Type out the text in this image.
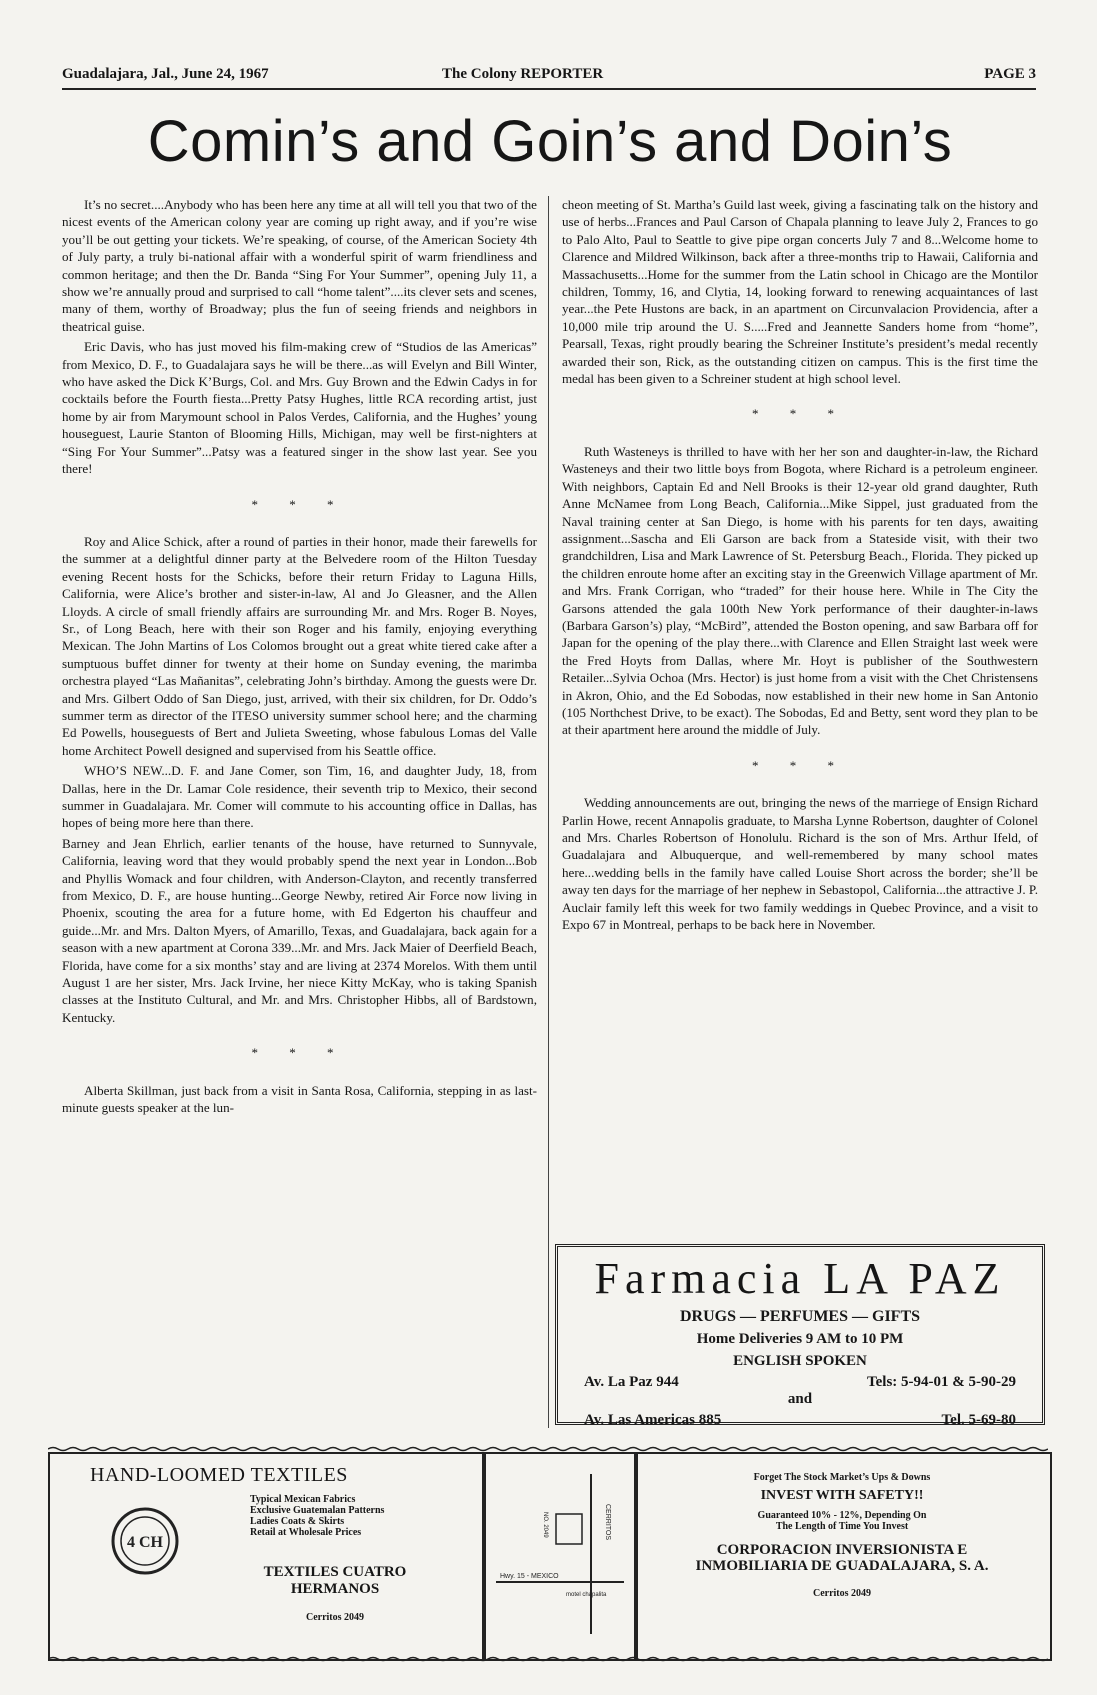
Guadalajara, Jal., June 24, 1967	The Colony REPORTER	PAGE 3
Comin’s and Goin’s and Doin’s

It’s no secret....Anybody who has been here any time at all will tell you that two of the nicest events of the American colony year are coming up right away, and if you’re wise you’ll be out getting your tickets. We’re speaking, of course, of the American Society 4th of July party, a truly bi-national affair with a wonderful spirit of warm friendliness and common heritage; and then the Dr. Banda “Sing For Your Summer”, opening July 11, a show we’re annually proud and surprised to call “home talent”....its clever sets and scenes, many of them, worthy of Broadway; plus the fun of seeing friends and neighbors in theatrical guise.

Eric Davis, who has just moved his film-making crew of “Studios de las Americas” from Mexico, D. F., to Guadalajara says he will be there...as will Evelyn and Bill Winter, who have asked the Dick K’Burgs, Col. and Mrs. Guy Brown and the Edwin Cadys in for cocktails before the Fourth fiesta...Pretty Patsy Hughes, little RCA recording artist, just home by air from Marymount school in Palos Verdes, California, and the Hughes’ young houseguest, Laurie Stanton of Blooming Hills, Michigan, may well be first-nighters at “Sing For Your Summer”...Patsy was a featured singer in the show last year. See you there!

* * *

Roy and Alice Schick, after a round of parties in their honor, made their farewells for the summer at a delightful dinner party at the Belvedere room of the Hilton Tuesday evening Recent hosts for the Schicks, before their return Friday to Laguna Hills, California, were Alice’s brother and sister-in-law, Al and Jo Gleasner, and the Allen Lloyds. A circle of small friendly affairs are surrounding Mr. and Mrs. Roger B. Noyes, Sr., of Long Beach, here with their son Roger and his family, enjoying everything Mexican. The John Martins of Los Colomos brought out a great white tiered cake after a sumptuous buffet dinner for twenty at their home on Sunday evening, the marimba orchestra played “Las Mañanitas”, celebrating John’s birthday. Among the guests were Dr. and Mrs. Gilbert Oddo of San Diego, just, arrived, with their six children, for Dr. Oddo’s summer term as director of the ITESO university summer school here; and the charming Ed Powells, houseguests of Bert and Julieta Sweeting, whose fabulous Lomas del Valle home Architect Powell designed and supervised from his Seattle office.

WHO’S NEW...D. F. and Jane Comer, son Tim, 16, and daughter Judy, 18, from Dallas, here in the Dr. Lamar Cole residence, their seventh trip to Mexico, their second summer in Guadalajara. Mr. Comer will commute to his accounting office in Dallas, has hopes of being more here than there.

Barney and Jean Ehrlich, earlier tenants of the house, have returned to Sunnyvale, California, leaving word that they would probably spend the next year in London...Bob and Phyllis Womack and four children, with Anderson-Clayton, and recently transferred from Mexico, D. F., are house hunting...George Newby, retired Air Force now living in Phoenix, scouting the area for a future home, with Ed Edgerton his chauffeur and guide...Mr. and Mrs. Dalton Myers, of Amarillo, Texas, and Guadalajara, back again for a season with a new apartment at Corona 339...Mr. and Mrs. Jack Maier of Deerfield Beach, Florida, have come for a six months’ stay and are living at 2374 Morelos. With them until August 1 are her sister, Mrs. Jack Irvine, her niece Kitty McKay, who is taking Spanish classes at the Instituto Cultural, and Mr. and Mrs. Christopher Hibbs, all of Bardstown, Kentucky.

* * *

Alberta Skillman, just back from a visit in Santa Rosa, California, stepping in as last-minute guests speaker at the lun-

cheon meeting of St. Martha’s Guild last week, giving a fascinating talk on the history and use of herbs...Frances and Paul Carson of Chapala planning to leave July 2, Frances to go to Palo Alto, Paul to Seattle to give pipe organ concerts July 7 and 8...Welcome home to Clarence and Mildred Wilkinson, back after a three-months trip to Hawaii, California and Massachusetts...Home for the summer from the Latin school in Chicago are the Montilor children, Tommy, 16, and Clytia, 14, looking forward to renewing acquaintances of last year...the Pete Hustons are back, in an apartment on Circunvalacion Providencia, after a 10,000 mile trip around the U. S.....Fred and Jeannette Sanders home from “home”, Pearsall, Texas, right proudly bearing the Schreiner Institute’s president’s medal recently awarded their son, Rick, as the outstanding citizen on campus. This is the first time the medal has been given to a Schreiner student at high school level.

* * *

Ruth Wasteneys is thrilled to have with her her son and daughter-in-law, the Richard Wasteneys and their two little boys from Bogota, where Richard is a petroleum engineer. With neighbors, Captain Ed and Nell Brooks is their 12-year old grand daughter, Ruth Anne McNamee from Long Beach, California...Mike Sippel, just graduated from the Naval training center at San Diego, is home with his parents for ten days, awaiting assignment...Sascha and Eli Garson are back from a Stateside visit, with their two grandchildren, Lisa and Mark Lawrence of St. Petersburg Beach., Florida. They picked up the children enroute home after an exciting stay in the Greenwich Village apartment of Mr. and Mrs. Frank Corrigan, who “traded” for their house here. While in The City the Garsons attended the gala 100th New York performance of their daughter-in-laws (Barbara Garson’s) play, “McBird”, attended the Boston opening, and saw Barbara off for Japan for the opening of the play there...with Clarence and Ellen Straight last week were the Fred Hoyts from Dallas, where Mr. Hoyt is publisher of the Southwestern Retailer...Sylvia Ochoa (Mrs. Hector) is just home from a visit with the Chet Christensens in Akron, Ohio, and the Ed Sobodas, now established in their new home in San Antonio (105 Northchest Drive, to be exact). The Sobodas, Ed and Betty, sent word they plan to be at their apartment here around the middle of July.

* * *

Wedding announcements are out, bringing the news of the marriege of Ensign Richard Parlin Howe, recent Annapolis graduate, to Marsha Lynne Robertson, daughter of Colonel and Mrs. Charles Robertson of Honolulu. Richard is the son of Mrs. Arthur Ifeld, of Guadalajara and Albuquerque, and well-remembered by many school mates here...wedding bells in the family have called Louise Short across the border; she’ll be away ten days for the marriage of her nephew in Sebastopol, California...the attractive J. P. Auclair family left this week for two family weddings in Quebec Province, and a visit to Expo 67 in Montreal, perhaps to be back here in November.

Farmacia LA PAZ
DRUGS — PERFUMES — GIFTS
Home Deliveries 9 AM to 10 PM
ENGLISH SPOKEN
Av. La Paz 944	Tels: 5-94-01 & 5-90-29
and
Av. Las Americas 885	Tel. 5-69-80
HAND-LOOMED TEXTILES
4 CH
Typical Mexican Fabrics
Exclusive Guatemalan Patterns
Ladies Coats & Skirts
Retail at Wholesale Prices
TEXTILES CUATRO
HERMANOS
Cerritos 2049
CERRITOS
NO. 2049
Hwy. 15 - MEXICO
motel chapalita
Forget The Stock Market’s Ups & Downs
INVEST WITH SAFETY!!
Guaranteed 10% - 12%, Depending On
The Length of Time You Invest
CORPORACION INVERSIONISTA E
INMOBILIARIA DE GUADALAJARA, S. A.
Cerritos 2049
